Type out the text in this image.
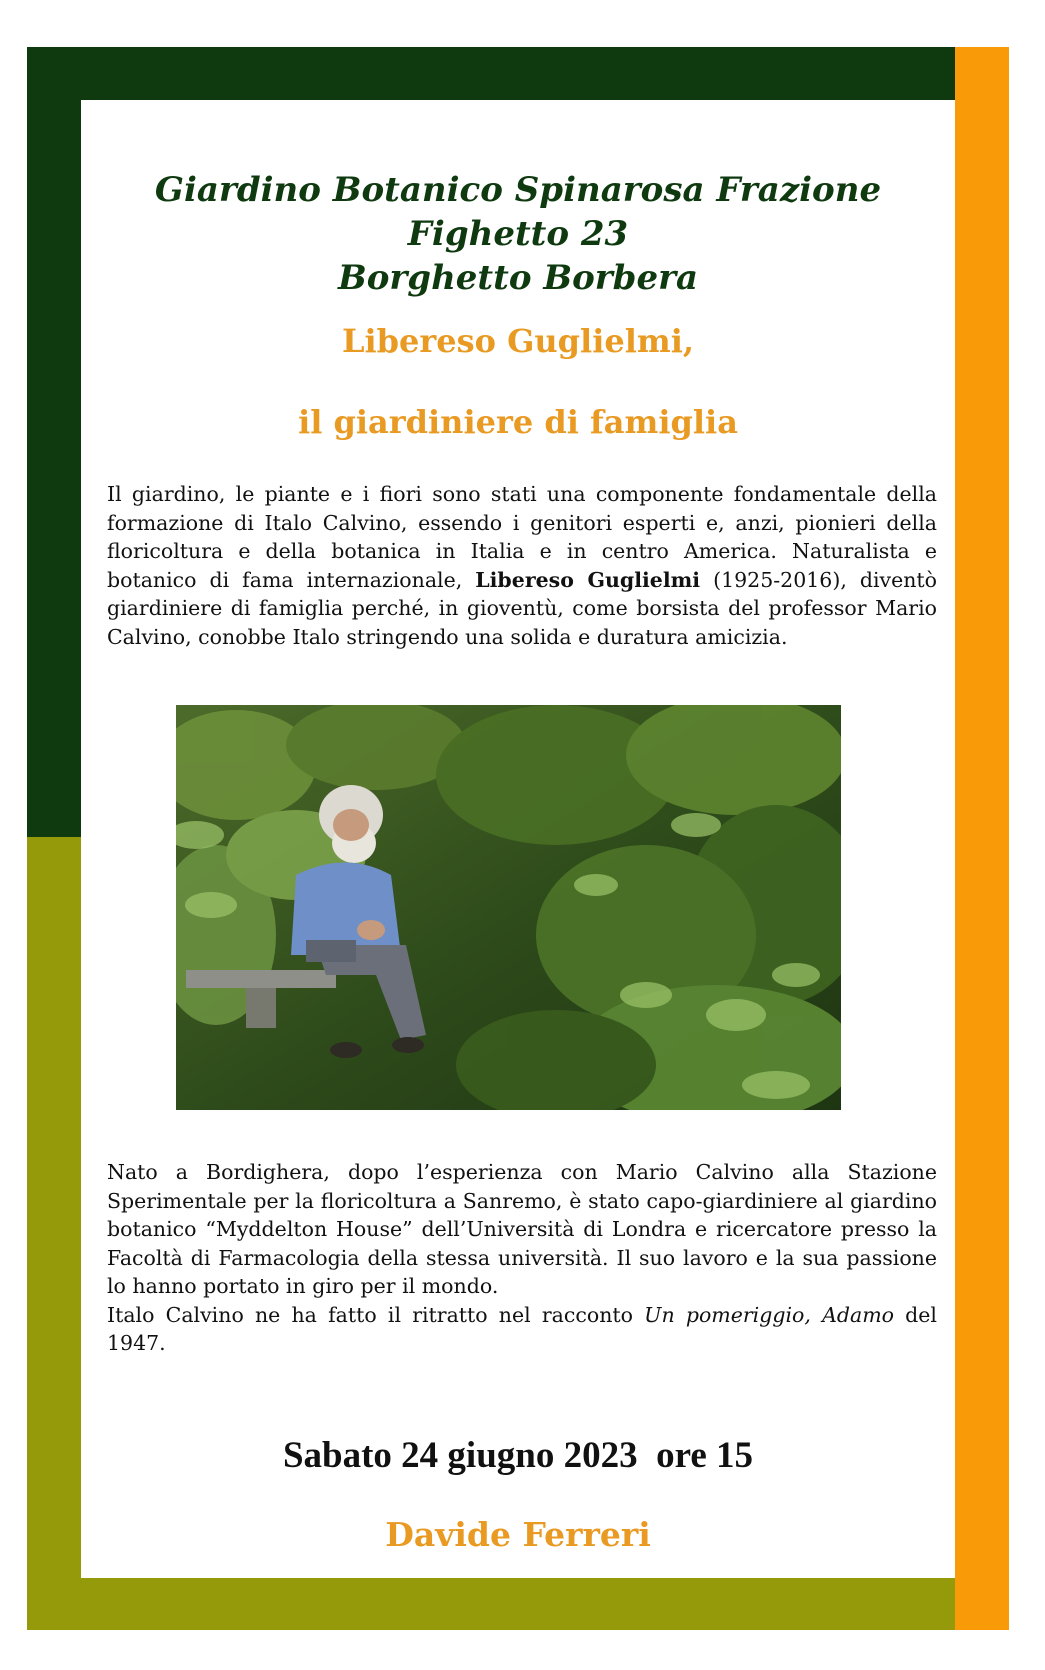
Giardino Botanico Spinarosa Frazione
Fighetto 23
Borghetto Borbera
Libereso Guglielmi,
il giardiniere di famiglia
Il giardino, le piante e i fiori sono stati una componente fondamentale della formazione di Italo Calvino, essendo i genitori esperti e, anzi, pionieri della floricoltura e della botanica in Italia e in centro America. Naturalista e botanico di fama internazionale, Libereso Guglielmi (1925-2016), diventò giardiniere di famiglia perché, in gioventù, come borsista del professor Mario Calvino, conobbe Italo stringendo una solida e duratura amicizia.
Nato a Bordighera, dopo l’esperienza con Mario Calvino alla Stazione Sperimentale per la floricoltura a Sanremo, è stato capo-giardiniere al giardino botanico “Myddelton House” dell’Università di Londra e ricercatore presso la Facoltà di Farmacologia della stessa università. Il suo lavoro e la sua passione lo hanno portato in giro per il mondo.
Italo Calvino ne ha fatto il ritratto nel racconto Un pomeriggio, Adamo del 1947.
Sabato 24 giugno 2023  ore 15
Davide Ferreri
